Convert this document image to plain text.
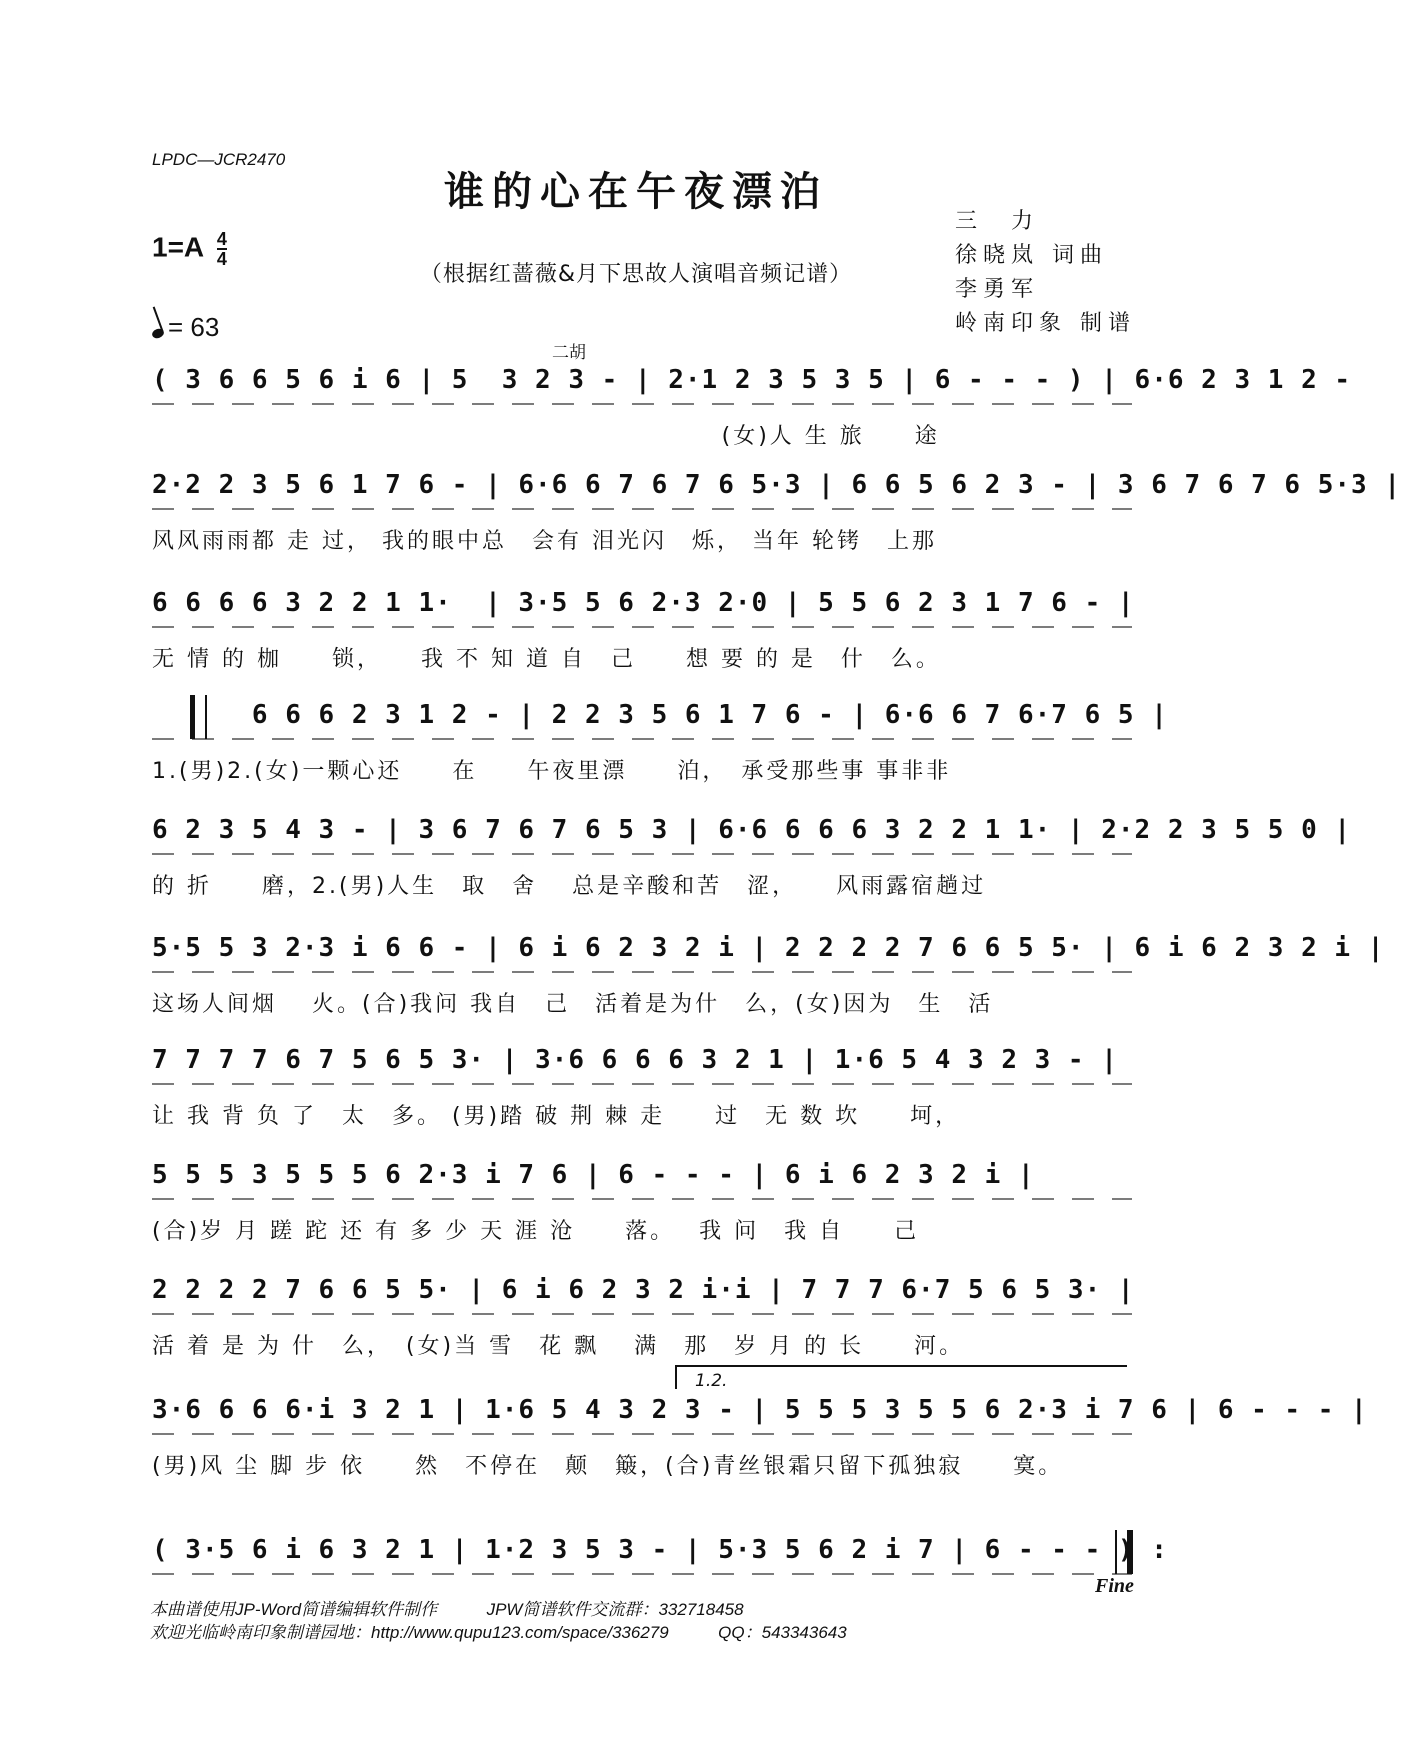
LPDC—JCR2470
谁的心在午夜漂泊
$1=A \frac{4}{4}$
（根据红蔷薇&月下思故人演唱音频记谱）
三　力
徐晓岚 词曲
李勇军
岭南印象 制谱
= 63
二胡
( 3 6 6 5 6 i 6 | 5  3 2 3 - | 2·1 2 3 5 3 5 | 6 - - - ) | 6·6 2 3 1 2 -
(女)人 生 旅　　途
2·2 2 3 5 6 1 7 6 - | 6·6 6 7 6 7 6 5·3 | 6 6 5 6 2 3 - | 3 6 7 6 7 6 5·3 |
风风雨雨都 走 过， 我的眼中总　会有 泪光闪　烁， 当年 轮铐　上那
6 6 6 6 3 2 2 1 1·  | 3·5 5 6 2·3 2·0 | 5 5 6 2 3 1 7 6 - |
无 情 的 枷　　锁，　　我 不 知 道 自　己　　想 要 的 是　什　么。
6 6 6 2 3 1 2 - | 2 2 3 5 6 1 7 6 - | 6·6 6 7 6·7 6 5 |
1.(男)2.(女)一颗心还　　在　　午夜里漂　　泊，　承受那些事 事非非
6 2 3 5 4 3 - | 3 6 7 6 7 6 5 3 | 6·6 6 6 6 3 2 2 1 1· | 2·2 2 3 5 5 0 |
的 折　　磨，2.(男)人生　取　舍　 总是辛酸和苦　涩，　　风雨露宿趟过
5·5 5 3 2·3 i 6 6 - | 6 i 6 2 3 2 i | 2 2 2 2 7 6 6 5 5· | 6 i 6 2 3 2 i |
这场人间烟　 火。(合)我问 我自　己　活着是为什　么，(女)因为　生　活
7 7 7 7 6 7 5 6 5 3· | 3·6 6 6 6 3 2 1 | 1·6 5 4 3 2 3 - |
让 我 背 负 了　太　多。 (男)踏 破 荆 棘 走　　过　无 数 坎　　坷，
5 5 5 3 5 5 5 6 2·3 i 7 6 | 6 - - - | 6 i 6 2 3 2 i |
(合)岁 月 蹉 跎 还 有 多 少 天 涯 沧　　落。　 我 问　我 自　　己
2 2 2 2 7 6 6 5 5· | 6 i 6 2 3 2 i·i | 7 7 7 6·7 5 6 5 3· |
活 着 是 为 什　么，　(女)当 雪　花 飘　 满　那　岁 月 的 长　　河。
1.2.
3·6 6 6 6·i 3 2 1 | 1·6 5 4 3 2 3 - | 5 5 5 3 5 5 6 2·3 i 7 6 | 6 - - - |
(男)风 尘 脚 步 依　　然　不停在　颠　簸，(合)青丝银霜只留下孤独寂　　寞。
( 3·5 6 i 6 3 2 1 | 1·2 3 5 3 - | 5·3 5 6 2 i 7 | 6 - - - ) :
Fine
本曲谱使用JP-Word简谱编辑软件制作	JPW简谱软件交流群：332718458
欢迎光临岭南印象制谱园地：http://www.qupu123.com/space/336279	QQ：543343643
